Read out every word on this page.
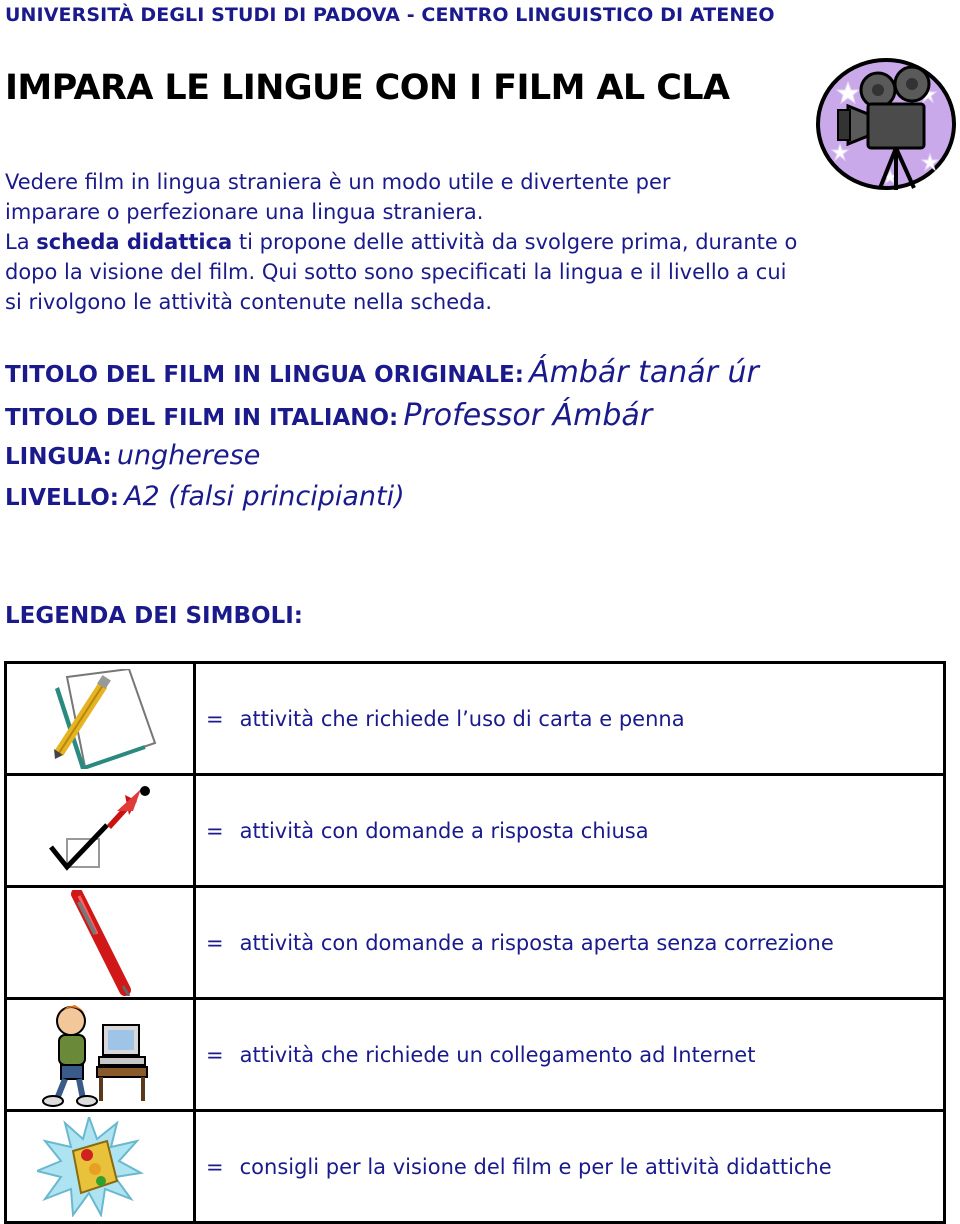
UNIVERSITÀ DEGLI STUDI DI PADOVA - CENTRO LINGUISTICO DI ATENEO
IMPARA LE LINGUE CON I FILM AL CLA

Vedere film in lingua straniera è un modo utile e divertente per

imparare o perfezionare una lingua straniera.

La scheda didattica ti propone delle attività da svolgere prima, durante o

dopo la visione del film. Qui sotto sono specificati la lingua e il livello a cui

si rivolgono le attività contenute nella scheda.

TITOLO DEL FILM IN LINGUA ORIGINALE: Ámbár tanár úr
TITOLO DEL FILM IN ITALIANO: Professor Ámbár
LINGUA: ungherese
LIVELLO: A2 (falsi principianti)
LEGENDA DEI SIMBOLI:
	= attività che richiede l’uso di carta e penna

	= attività con domande a risposta chiusa

	= attività con domande a risposta aperta senza correzione

	= attività che richiede un collegamento ad Internet

	= consigli per la visione del film e per le attività didattiche
